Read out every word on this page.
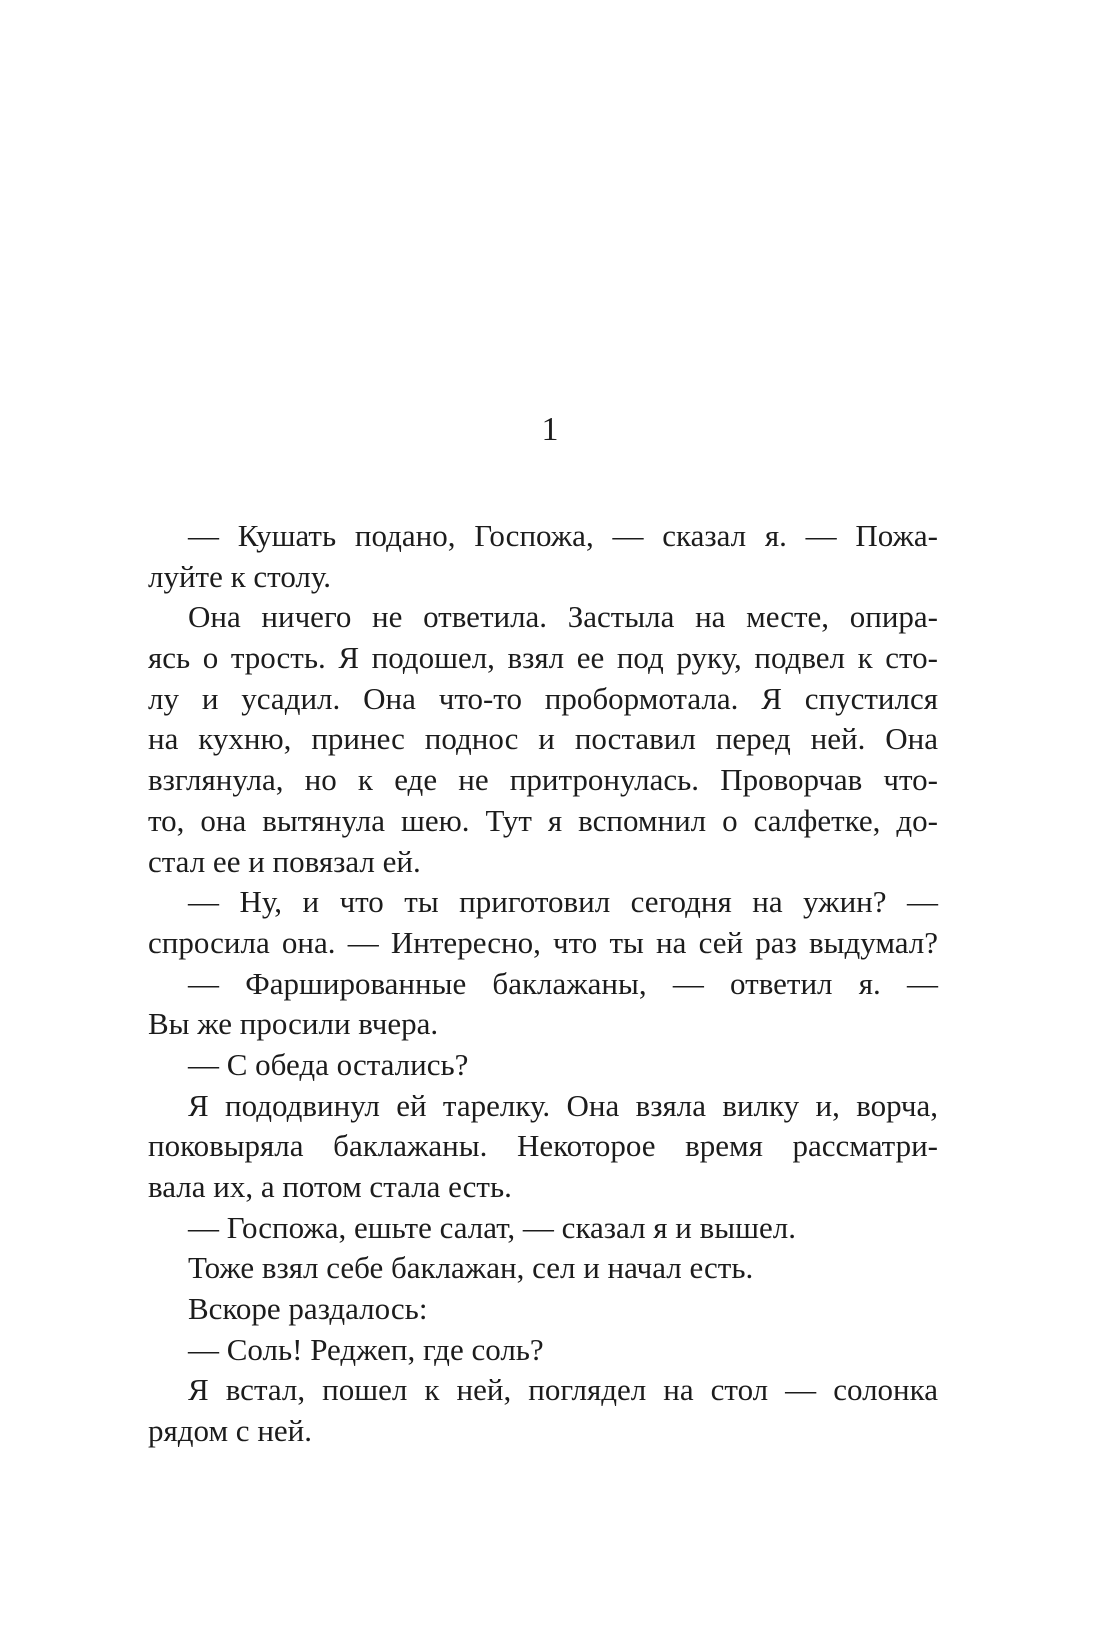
1
— Кушать подано, Госпожа, — сказал я. — Пожа-
луйте к столу.
Она ничего не ответила. Застыла на месте, опира-
ясь о трость. Я подошел, взял ее под руку, подвел к сто-
лу и усадил. Она что-то пробормотала. Я спустился
на кухню, принес поднос и поставил перед ней. Она
взглянула, но к еде не притронулась. Проворчав что-
то, она вытянула шею. Тут я вспомнил о салфетке, до-
стал ее и повязал ей.
— Ну, и что ты приготовил сегодня на ужин? —
спросила она. — Интересно, что ты на сей раз выдумал?
— Фаршированные баклажаны, — ответил я. —
Вы же просили вчера.
— С обеда остались?
Я пододвинул ей тарелку. Она взяла вилку и, ворча,
поковыряла баклажаны. Некоторое время рассматри-
вала их, а потом стала есть.
— Госпожа, ешьте салат, — сказал я и вышел.
Тоже взял себе баклажан, сел и начал есть.
Вскоре раздалось:
— Соль! Реджеп, где соль?
Я встал, пошел к ней, поглядел на стол — солонка
рядом с ней.
